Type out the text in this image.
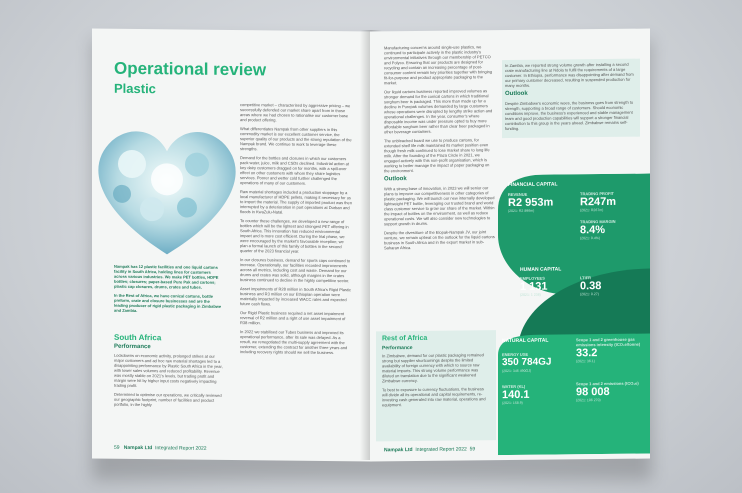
Operational review
Plastic

Nampak has 12 plastic facilities and one liquid cartons facility in South Africa, holding lines for customers across various industries. We make PET bottles, HDPE bottles; closures; paper-based Pure Pak and cartons; plastic cap closures, drums, crates and tubes.

In the Rest of Africa, we have conical cartons, bottle preform, crate and closure businesses and are the leading producer of rigid plastic packaging in Zimbabwe and Zambia.

South Africa
Performance

Lockdowns on economic activity, prolonged strikes at our major customers and ad hoc raw material shortages led to a disappointing performance by Plastic South Africa in the year, with lower sales volumes and reduced profitability. Revenue was mostly stable on 2021's levels, but trading profit and margin were hit by higher input costs negatively impacting trading profit.

Determined to optimise our operations, we critically reviewed our geographic footprint, number of facilities and product portfolio, in the highly

competitive market – characterised by aggressive pricing – we successfully defended our market share apart from in those areas where we had chosen to rationalise our customer base and product offering.

What differentiates Nampak from other suppliers in this commodity market is our excellent customer service, the superior quality of our products and the strong reputation of the Nampak brand. We continue to work to leverage these strengths.

Demand for the bottles and closures in which our customers pack water, juice, milk and CSDs declined. Industrial action at key dairy customers dragged on for months, with a spill-over effect on other customers with whom they share logistics services. Poorer and wetter cold further challenged the operations of many of our customers.

Raw material shortages included a production stoppage by a local manufacturer of HDPE pellets, making it necessary for us to import the material. The supply of imported product was then interrupted by a deterioration in port operations at Durban and floods in KwaZulu-Natal.

To counter these challenges, we developed a new range of bottles which will be the lightest and strongest PET offering in South Africa. This innovation has reduced environmental impact and is more cost efficient. During the trial phase, we were encouraged by the market's favourable reception; we plan a formal launch of this family of bottles in the second quarter of the 2023 financial year.

In our closures business, demand for sports caps continued to increase. Operationally, our facilities recorded improvements across all metrics, including cost and waste. Demand for our drums and crates was solid, although margins in the crates business continued to decline in the highly competitive sector.

Asset impairments of R28 million in South Africa's Rigid Plastic business and R3 million on our Ethiopian operation were materially impacted by increased WACC rates and expected future cash flows.

Our Rigid Plastic business required a net asset impairment reversal of R2 million and a right of use asset impairment of R38 million.

In 2022 we stabilised our Tubes business and improved its operational performance, after its sale was delayed. As a result, we renegotiated the multi-supply agreement with the customer, extending the contract for another three years and including recovery rights should we sell the business.

59 Nampak Ltd Integrated Report 2022

Manufacturing concerns around single-use plastics, we continued to participate actively in the plastic industry's environmental initiatives through our membership of PETCO and Polyco. Ensuring that our products are designed for recycling and contain an increasing percentage of post-consumer content remain key priorities together with bringing fit-for-purpose and product appropriate packaging to the market.

Our liquid cartons business reported improved volumes as stronger demand for the conical cartons in which traditional sorghum beer is packaged. This more than made up for a decline in Purepak volumes demanded by large customers whose operations were disrupted by lengthy strike action and operational challenges. In the year, consumer's where disposable income was under pressure opted to buy more affordable sorghum beer rather than clear beer packaged in other beverage containers.

The unbleached board we use to produce cartons, for extended shelf life milk maintained its market position even though fresh milk continued to lose market share to long life milk. After the founding of the Plaza Circle in 2021, we engaged actively with this non-profit organisation, which is working to better manage the impact of paper packaging on the environment.

Outlook

With a strong base of innovation, in 2023 we will senior our plans to improve our competitiveness in other categories of plastic packaging. We will launch our new internally developed lightweight PET bottle, leveraging our trusted brand and world class customer service to grow our share of the market. Within the impact of bottles on the environment, as well as reduce operational costs. We will also consider new technologies to support growth in drums.

Despite the divestiture of the Elopak-Nampak JV, our joint venture, we remain upbeat on the outlook for the liquid cartons business in South Africa and in the export market in sub-Saharan Africa.

Rest of Africa
Performance

In Zimbabwe, demand for our plastic packaging remained strong but supplier shortcomings despite the limited availability of foreign currency with which to source raw material imports. This strong volume performance was diluted on translation due to the significant weakened Zimbabwe currency.

To best to exposure to currency fluctuations, the business will divide all its operational and capital requirements, re-investing cash generated into raw material, operations and equipment.

In Zambia, we reported strong volume growth after installing a second crate manufacturing line at Ndola to fulfil the requirements of a large customer. In Ethiopia, performance was disappointing after demand from our primary customer decreased, resulting in suspended production for many months.

Outlook

Despite Zimbabwe's economic woes, the business goes from strength to strength, supporting a broad range of customers. Should economic conditions improve, the business's experienced and stable management team and good production capabilities will support a stronger financial contribution to this group in the years ahead. Zimbabwe remains self-funding.

FINANCIAL CAPITAL
REVENUE
R2 953m
(2021: R2 896m)
TRADING PROFIT
R247m
(2021: R267m)
TRADING MARGIN
8.4%
(2021: 9.4%)
HUMAN CAPITAL
EMPLOYEES
1 131
(2021: 1 236)
LTIFR
0.38
(2021: 0.27)
NATURAL CAPITAL
ENERGY USE
350 784GJ
(2021: 346 490GJ)
WATER (KL)
140.1
(2021: 158.9)
Scope 1 and 2 greenhouse gas emissions intensity (tCO₂e/tonne)
33.2
(2021: 36.1)
Scope 1 and 2 emissions (tCO₂e)
98 008
(2021: 106 270)
Nampak Ltd Integrated Report 2022 59
